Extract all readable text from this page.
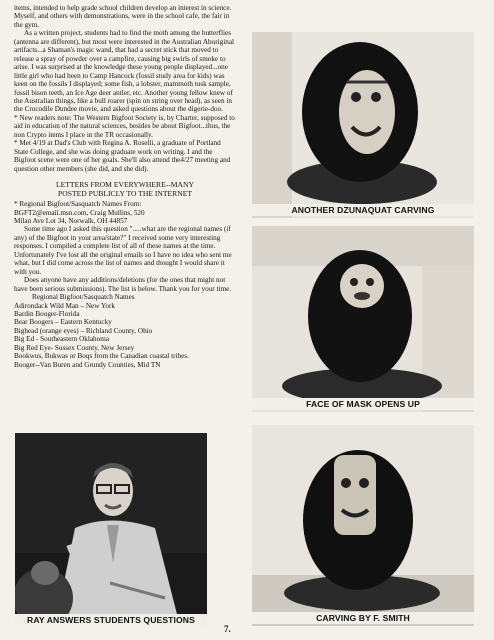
items, intended to help grade school children develop an interest in science. Myself, and others with demonstrations, were in the school cafe, the fair in the gym.

As a written project, students had to find the moth among the butterflies (antenna are different), but most were interested in the Australian Aboriginal artifacts...a Shaman's magic wand, that had a secret stick that moved to release a spray of powder over a campfire, causing big swirls of smoke to arise. I was surprised at the knowledge these young people displayed...one little girl who had been to Camp Hancock (fossil study area for kids) was keen on the fossils I displayed; some fish, a lobster, mammoth tusk sample, fossil bison teeth, an Ice Age deer antler, etc. Another young fellow knew of the Australian things, like a bull roarer (spin on string over head), as seen in the Crocodile Dundee movie, and asked questions about the digerie-doo.

* New readers note: The Western Bigfoot Society is, by Charter, supposed to aid in education of the natural sciences, besides be about Bigfoot...thus, the non Crypto items I place in the TR occasionally.

* Met 4/19 at Dad's Club with Regina A. Roselli, a graduate of Portland State College, and she was doing graduate work on writing. I and the Bigfoot scene were one of her goals. She'll also attend the4/27 meeting and question other members (she did, and she did).

LETTERS FROM EVERYWHERE--MANY
POSTED PUBLICLY TO THE INTERNET

* Regional Bigfoot/Sasquatch Names From:

BGFT2@email.msn.com, Craig Mullins, 520

Milan Ave Lot 34, Norwalk, OH 44857

Some time ago I asked this question ".....what are the regional names (if any) of the Bigfoot in your area/state?" I received some very interesting responses. I compiled a complete list of all of these names at the time. Unfortunately I've lost all the original emails so I have no idea who sent me what, but I did come across the list of names and thought I would share it with you.

Does anyone have any additions/deletions (for the ones that might not have been serious submissions). The list is below. Thank you for your time.

Regional Bigfoot/Sasquatch Names

Adirondack Wild Man – New York

Bardin Booger-Florida

Bear Boogers – Eastern Kentucky

Bighead (orange eyes) – Richland County, Ohio

Big Ed - Southeastern Oklahoma

Big Red Eye- Sussex County, New Jersey

Bookwus, Bukwas or Boqs from the Canadian coastal tribes.

Booger--Van Buren and Grundy Counties, Mid TN

RAY ANSWERS STUDENTS QUESTIONS
ANOTHER DZUNAQUAT CARVING
FACE OF MASK OPENS UP
CARVING BY F. SMITH
7.
